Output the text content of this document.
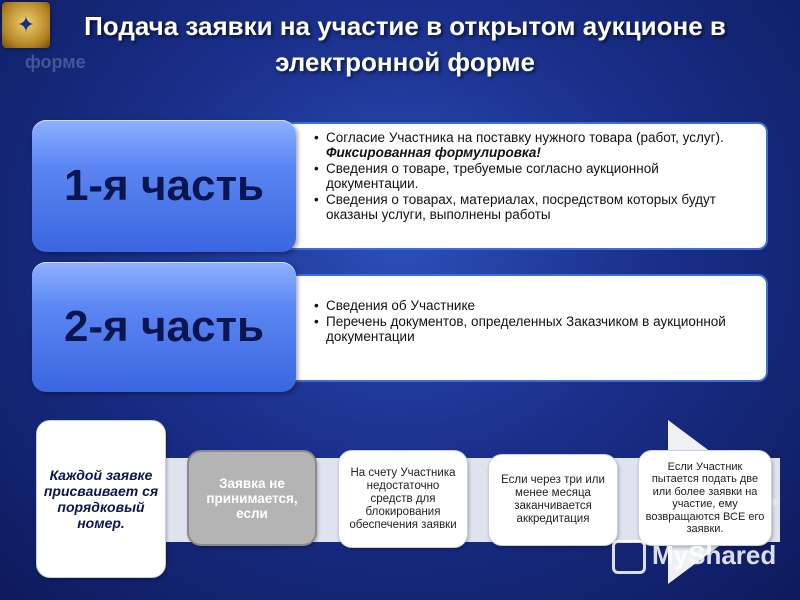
✦
форме
Подача заявки на участие в открытом аукционе в электронной форме
• Согласие Участника на поставку нужного товара (работ, услуг). Фиксированная формулировка!
• Сведения о товаре, требуемые согласно аукционной документации.
• Сведения о товарах, материалах, посредством которых будут оказаны услуги, выполнены работы
1-я часть
• Сведения об Участнике
• Перечень документов, определенных Заказчиком в аукционной документации
2-я часть
Каждой заявке присваивает ся порядковый номер.
Заявка не принимается, если
На счету Участника недостаточно средств для блокирования обеспечения заявки
Если через три или менее месяца заканчивается аккредитация
Если Участник пытается подать две или более заявки на участие, ему возвращаются ВСЕ его заявки.
MyShared
